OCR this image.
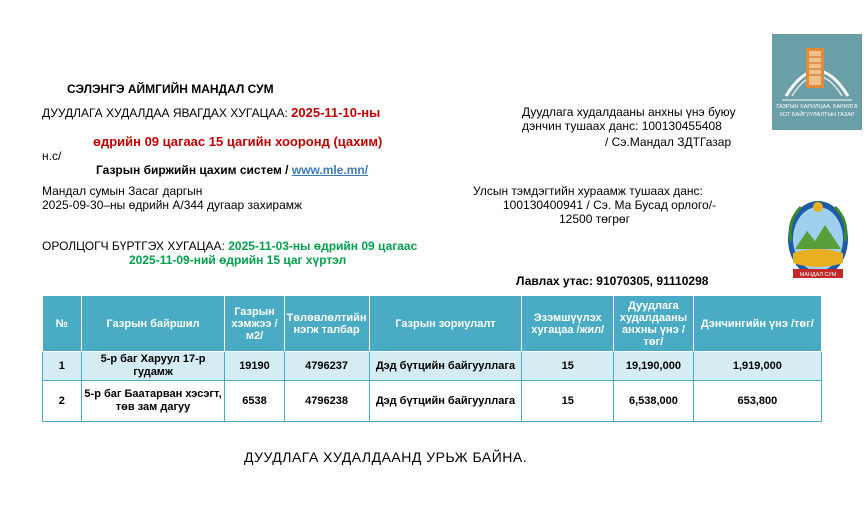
ГАЗРЫН ХАРИЛЦАА, БАРИЛГА
ХОТ БАЙГУУЛАЛТЫН ГАЗАР
МАНДАЛ СУМ
СЭЛЭНГЭ АЙМГИЙН МАНДАЛ СУМ
ДУУДЛАГА ХУДАЛДАА ЯВАГДАХ ХУГАЦАА: 2025-11-10-ны
өдрийн 09 цагаас 15 цагийн хооронд (цахим)
н.с/
Газрын биржийн цахим систем / www.mle.mn/
Мандал сумын Засаг даргын
2025-09-30–ны өдрийн А/344 дугаар захирамж
ОРОЛЦОГЧ БҮРТГЭХ ХУГАЦАА: 2025-11-03-ны өдрийн 09 цагаас
2025-11-09-ний өдрийн 15 цаг хүртэл
Дуудлага худалдааны анхны үнэ буюу
дэнчин тушаах данс: 100130455408
/ Сэ.Мандал ЗДТГазар
Улсын тэмдэгтийн хураамж тушаах данс:
100130400941 / Сэ. Ма Бусад орлого/-
12500 төгрөг
Лавлах утас: 91070305, 91110298
№	Газрын байршил	Газрын хэмжээ /м2/	Төлөвлөлтийн нэгж талбар	Газрын зориулалт	Эзэмшүүлэх хугацаа /жил/	Дуудлага худалдааны анхны үнэ /төг/	Дэнчингийн үнэ /төг/
1	5-р баг Харуул 17-р гудамж	19190	4796237	Дэд бүтцийн байгууллага	15	19,190,000	1,919,000
2	5-р баг Баатарван хэсэгт, төв зам дагуу	6538	4796238	Дэд бүтцийн байгууллага	15	6,538,000	653,800
ДУУДЛАГА ХУДАЛДААНД УРЬЖ БАЙНА.
